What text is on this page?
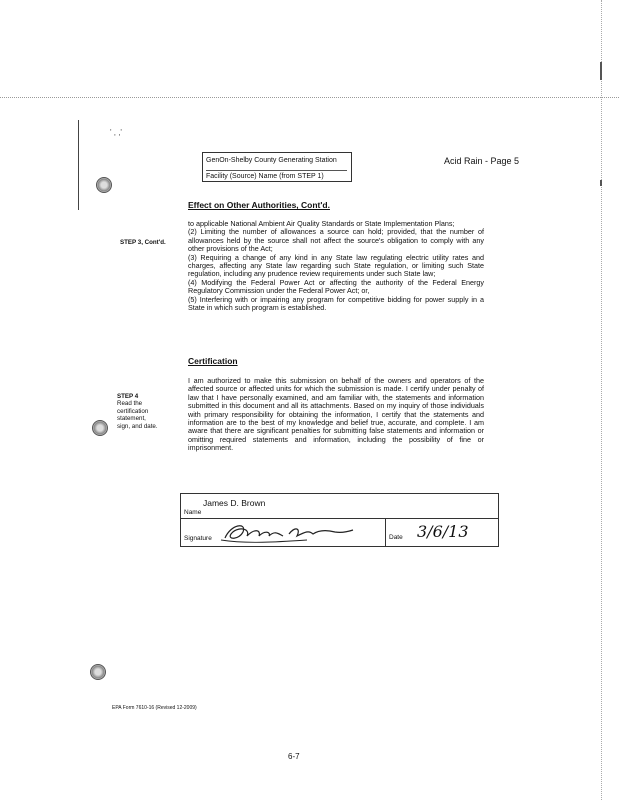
' , ,'
GenOn-Shelby County Generating Station
Facility (Source) Name (from STEP 1)
Acid Rain - Page 5
Effect on Other Authorities, Cont'd.
STEP 3, Cont'd.

to applicable National Ambient Air Quality Standards or State Implementation Plans;

(2) Limiting the number of allowances a source can hold; provided, that the number of allowances held by the source shall not affect the source's obligation to comply with any other provisions of the Act;

(3) Requiring a change of any kind in any State law regulating electric utility rates and charges, affecting any State law regarding such State regulation, or limiting such State regulation, including any prudence review requirements under such State law;

(4) Modifying the Federal Power Act or affecting the authority of the Federal Energy Regulatory Commission under the Federal Power Act; or,

(5) Interfering with or impairing any program for competitive bidding for power supply in a State in which such program is established.

Certification
STEP 4
Read the
certification
statement,
sign, and date.

I am authorized to make this submission on behalf of the owners and operators of the affected source or affected units for which the submission is made. I certify under penalty of law that I have personally examined, and am familiar with, the statements and information submitted in this document and all its attachments. Based on my inquiry of those individuals with primary responsibility for obtaining the information, I certify that the statements and information are to the best of my knowledge and belief true, accurate, and complete. I am aware that there are significant penalties for submitting false statements and information or omitting required statements and information, including the possibility of fine or imprisonment.

James D. Brown
Name
Signature	Date 3/6/13
EPA Form 7610-16 (Revised 12-2009)
6-7
